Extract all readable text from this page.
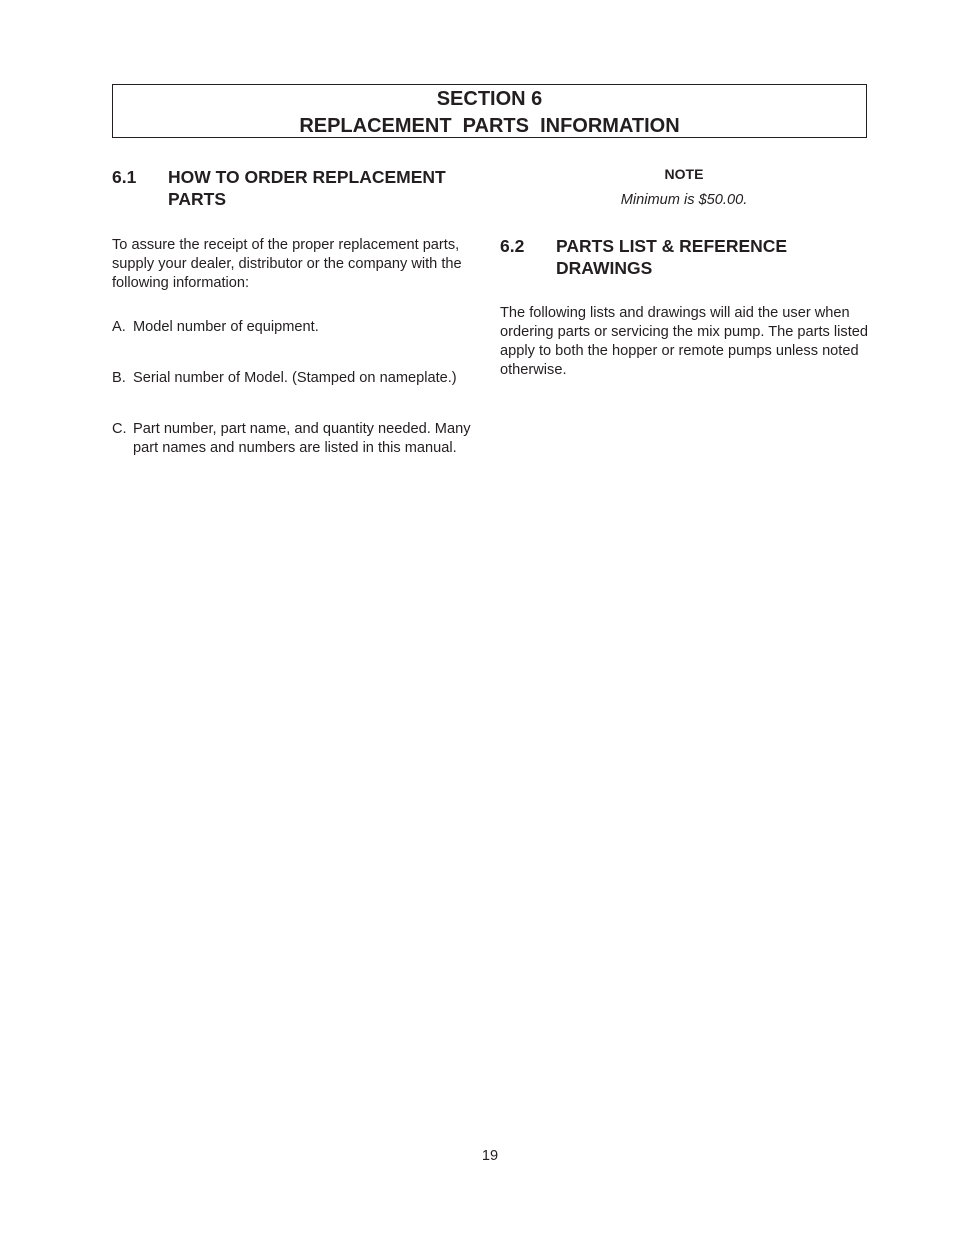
SECTION 6
REPLACEMENT  PARTS  INFORMATION
6.1	HOW TO ORDER REPLACEMENT PARTS

To assure the receipt of the proper replacement parts, supply your dealer, distributor or the company with the following information:

A. Model number of equipment.
B. Serial number of Model. (Stamped on nameplate.)
C. Part number, part name, and quantity needed. Many part names and numbers are listed in this manual.
NOTE
Minimum is $50.00.
6.2	PARTS LIST & REFERENCE DRAWINGS

The following lists and drawings will aid the user when ordering parts or servicing the mix pump. The parts listed apply to both the hopper or remote pumps unless noted otherwise.

19
